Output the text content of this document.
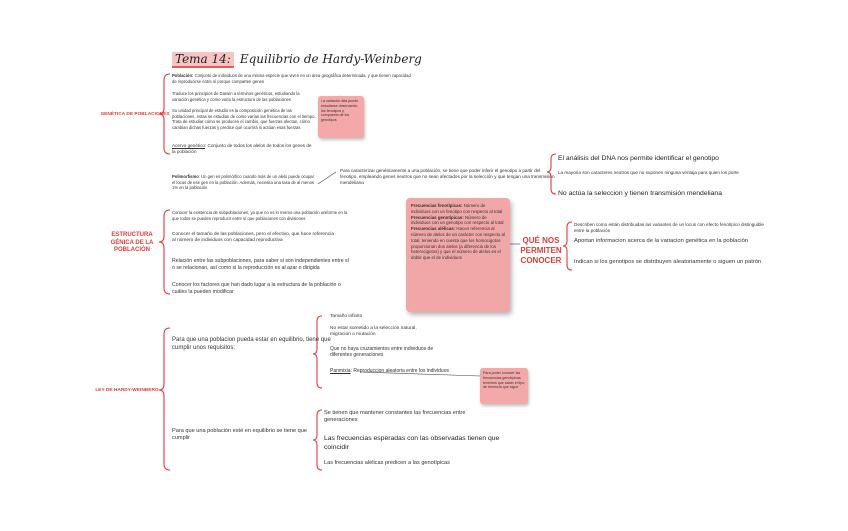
Tema 14: Equilibrio de Hardy-Weinberg
GENÉTICA DE POBLACIONES
ESTRUCTURA GÉNICA DE LA POBLACIÓN
QUÉ NOS PERMITEN CONOCER
LEY DE HARDY-WEINBERG
Población: Conjunto de individuos de una misma especie que viven en un área geográfica determinada, y que tienen capacidad de reproducirse entre sí porque comparten genes
Traduce los principios de Darwin a términos genéticos, estudiando la variación genética y como varía la estructura de las poblaciones
Su unidad principal de estudio es la composición genética de las poblaciones, estas se estudian de como varían las frecuencias con el tiempo. Trata de estudiar cómo se producen el cambio, que fuerzas afectan, cómo cambian dichas fuerzas y predice qué ocurrirá si actúan esas fuerzas
Acervo genético: Conjunto de todos los alelos de todos los genes de la población
La variación alta puede estudiarse observando los fenotipos y compuesto de los genotipos
Polimorfismo: Un gen es polimórfico cuando más de un alelo puede ocupar el locus de ese gen en la población. Además, necesita una tasa de al menos 1% en la población
Para caracterizar genéticamente a una población, se tiene que poder inferir el genotipo a partir del fenotipo, empleando genes neutros que no sean afectados por la selección y que tengan una transmisión mendeliana
El análisis del DNA nos permite identificar el genotipo
La mayoría son caracteres neutros que no suponen ninguna ventaja para quien los porte
No actúa la seleccion y tienen transmisión mendeliana
Conocer la existencia de subpoblaciones, ya que no es lo mismo una población uniforme en la que todos se pueden reproducir entre sí que poblaciones con divisiones
Conocer el tamaño de las poblaciones, pero el efectivo, que hace referencia al número de individuos con capacidad reproductiva
Relación entre las subpoblaciones, para saber si son independientes entre sí o se relacionan, así como si la reproducción es al azar o dirigida
Conocer los factores que han dado lugar a la estructura de la población o cuáles la pueden modificar
Frecuencias fenotípicas: Número de individuos con un fenotipo con respecto al total
Frecuencias genotípicas: Número de individuos con un genotipo con respecto al total
Frecuencias alélicas: Hacen referencia al número de alelos de un carácter con respecto al total, teniendo en cuenta que los homocigotos proporcionan dos alelos (a diferencia de los heterocigotos) y que el número de alelos es el doble que el de individuos
Describen como están distribuidas las variantes de un locus con efecto fenotípico distinguible entre la población
Aportan informacion acerca de la variacion genética en la población
Indican si los genotipos se distribuyen aleatoriamente o siguen un patrón
Para que una poblacion pueda estar en equilibrio, tiene que cumplir unos requisitos:
Tamaño infinito
No estar sometido a la seleccion natural, migracion o mutación
Que no haya cruzamientos entre individuos de diferentes generaciones
Panmixia: Reproduccion aleatoria entre los individuos	Para poder conocer las frecuencias genotípicas tenemos que saber el tipo de herencia que sigue
Para que una población esté en equilibrio se tiene que cumplir
Se tienen que mantener constantes las frecuencias entre generaciones
Las frecuencias esperadas con las observadas tienen que coincidir
Las frecuencias alélicas predicen a las genotípicas
